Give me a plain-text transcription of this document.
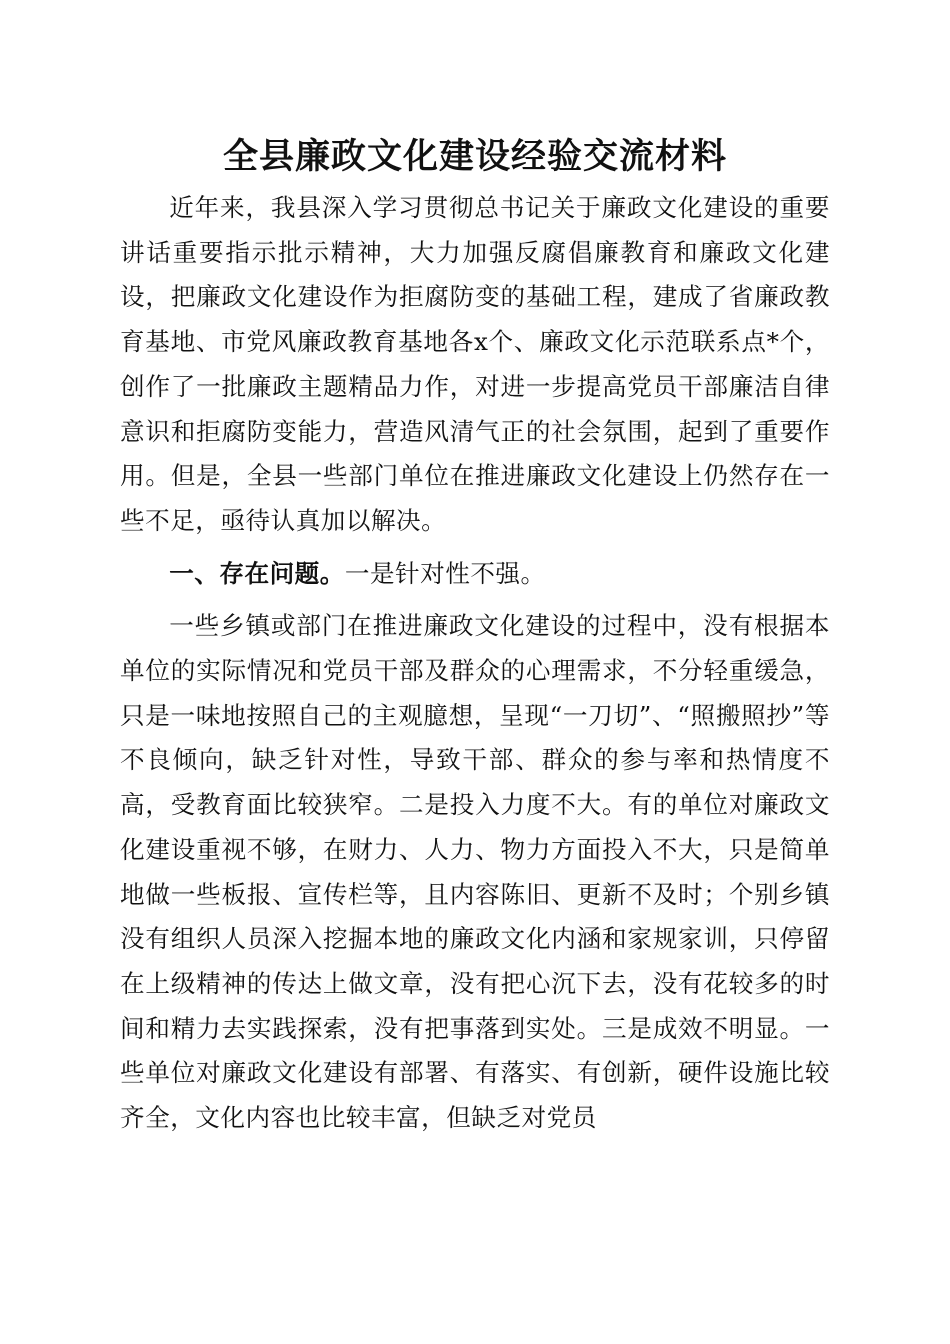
全县廉政文化建设经验交流材料

近年来，我县深入学习贯彻总书记关于廉政文化建设的重要讲话重要指示批示精神，大力加强反腐倡廉教育和廉政文化建设，把廉政文化建设作为拒腐防变的基础工程，建成了省廉政教育基地、市党风廉政教育基地各x个、廉政文化示范联系点*个，创作了一批廉政主题精品力作，对进一步提高党员干部廉洁自律意识和拒腐防变能力，营造风清气正的社会氛围，起到了重要作用。但是，全县一些部门单位在推进廉政文化建设上仍然存在一些不足，亟待认真加以解决。

一、存在问题。一是针对性不强。

一些乡镇或部门在推进廉政文化建设的过程中，没有根据本单位的实际情况和党员干部及群众的心理需求，不分轻重缓急，只是一味地按照自己的主观臆想，呈现“一刀切”、“照搬照抄”等不良倾向，缺乏针对性，导致干部、群众的参与率和热情度不高，受教育面比较狭窄。二是投入力度不大。有的单位对廉政文化建设重视不够，在财力、人力、物力方面投入不大，只是简单地做一些板报、宣传栏等，且内容陈旧、更新不及时；个别乡镇没有组织人员深入挖掘本地的廉政文化内涵和家规家训，只停留在上级精神的传达上做文章，没有把心沉下去，没有花较多的时间和精力去实践探索，没有把事落到实处。三是成效不明显。一些单位对廉政文化建设有部署、有落实、有创新，硬件设施比较齐全，文化内容也比较丰富，但缺乏对党员
